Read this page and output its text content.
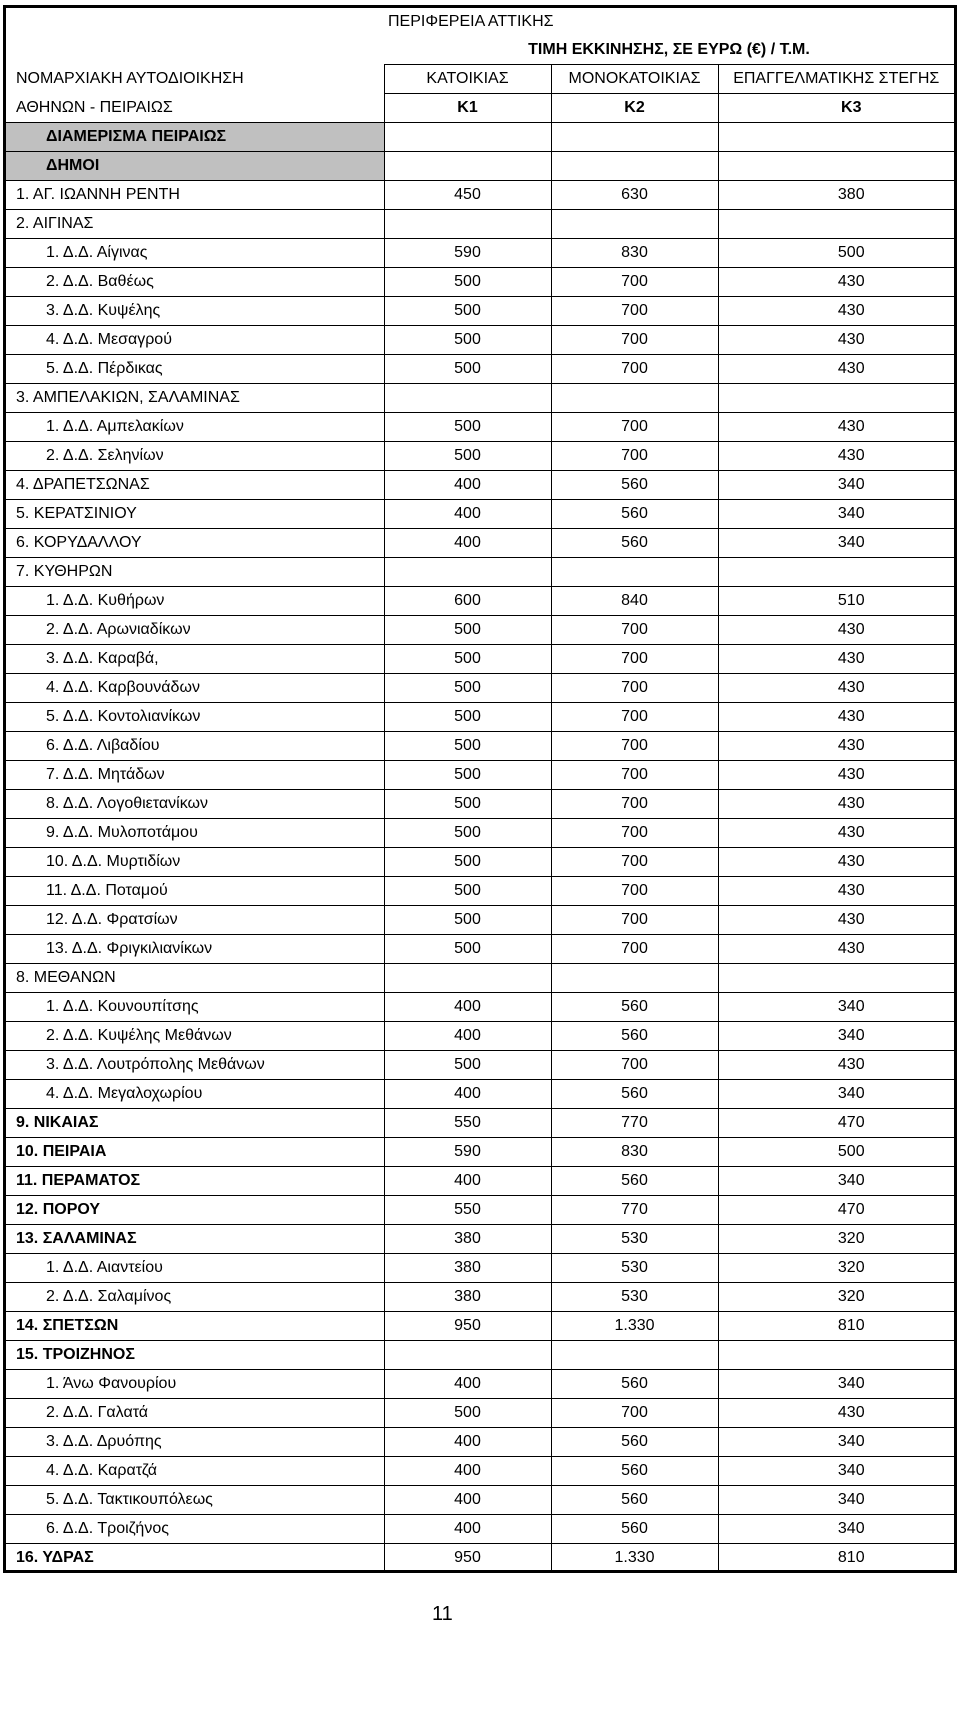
	ΠΕΡΙΦΕΡΕΙΑ ΑΤΤΙΚΗΣ		
	ΤΙΜΗ ΕΚΚΙΝΗΣΗΣ, ΣΕ ΕΥΡΩ (€) / Τ.Μ.		
ΝΟΜΑΡΧΙΑΚΗ ΑΥΤΟΔΙΟΙΚΗΣΗ	ΚΑΤΟΙΚΙΑΣ	ΜΟΝΟΚΑΤΟΙΚΙΑΣ	ΕΠΑΓΓΕΛΜΑΤΙΚΗΣ ΣΤΕΓΗΣ
ΑΘΗΝΩΝ - ΠΕΙΡΑΙΩΣ	Κ1	Κ2	Κ3
ΔΙΑΜΕΡΙΣΜΑ ΠΕΙΡΑΙΩΣ			
ΔΗΜΟΙ			
1. ΑΓ. ΙΩΑΝΝΗ ΡΕΝΤΗ	450	630	380
2. ΑΙΓΙΝΑΣ			
1. Δ.Δ. Αίγινας	590	830	500
2. Δ.Δ. Βαθέως	500	700	430
3. Δ.Δ. Κυψέλης	500	700	430
4. Δ.Δ. Μεσαγρού	500	700	430
5. Δ.Δ. Πέρδικας	500	700	430
3. ΑΜΠΕΛΑΚΙΩΝ, ΣΑΛΑΜΙΝΑΣ			
1. Δ.Δ. Αμπελακίων	500	700	430
2. Δ.Δ. Σεληνίων	500	700	430
4. ΔΡΑΠΕΤΣΩΝΑΣ	400	560	340
5. ΚΕΡΑΤΣΙΝΙΟΥ	400	560	340
6. ΚΟΡΥΔΑΛΛΟΥ	400	560	340
7. ΚΥΘΗΡΩΝ			
1. Δ.Δ. Κυθήρων	600	840	510
2. Δ.Δ. Αρωνιαδίκων	500	700	430
3. Δ.Δ. Καραβά,	500	700	430
4. Δ.Δ. Καρβουνάδων	500	700	430
5. Δ.Δ. Κοντολιανίκων	500	700	430
6. Δ.Δ. Λιβαδίου	500	700	430
7. Δ.Δ. Μητάδων	500	700	430
8. Δ.Δ. Λογοθιετανίκων	500	700	430
9. Δ.Δ. Μυλοποτάμου	500	700	430
10. Δ.Δ. Μυρτιδίων	500	700	430
11. Δ.Δ. Ποταμού	500	700	430
12. Δ.Δ. Φρατσίων	500	700	430
13. Δ.Δ. Φριγκιλιανίκων	500	700	430
8. ΜΕΘΑΝΩΝ			
1. Δ.Δ. Κουνουπίτσης	400	560	340
2. Δ.Δ. Κυψέλης Μεθάνων	400	560	340
3. Δ.Δ. Λουτρόπολης Μεθάνων	500	700	430
4. Δ.Δ. Μεγαλοχωρίου	400	560	340
9. ΝΙΚΑΙΑΣ	550	770	470
10. ΠΕΙΡΑΙΑ	590	830	500
11. ΠΕΡΑΜΑΤΟΣ	400	560	340
12. ΠΟΡΟΥ	550	770	470
13. ΣΑΛΑΜΙΝΑΣ	380	530	320
1. Δ.Δ. Αιαντείου	380	530	320
2. Δ.Δ. Σαλαμίνος	380	530	320
14. ΣΠΕΤΣΩΝ	950	1.330	810
15. ΤΡΟΙΖΗΝΟΣ			
1. Άνω Φανουρίου	400	560	340
2. Δ.Δ. Γαλατά	500	700	430
3. Δ.Δ. Δρυόπης	400	560	340
4. Δ.Δ. Καρατζά	400	560	340
5. Δ.Δ. Τακτικουπόλεως	400	560	340
6. Δ.Δ. Τροιζήνος	400	560	340
16. ΥΔΡΑΣ	950	1.330	810
11
